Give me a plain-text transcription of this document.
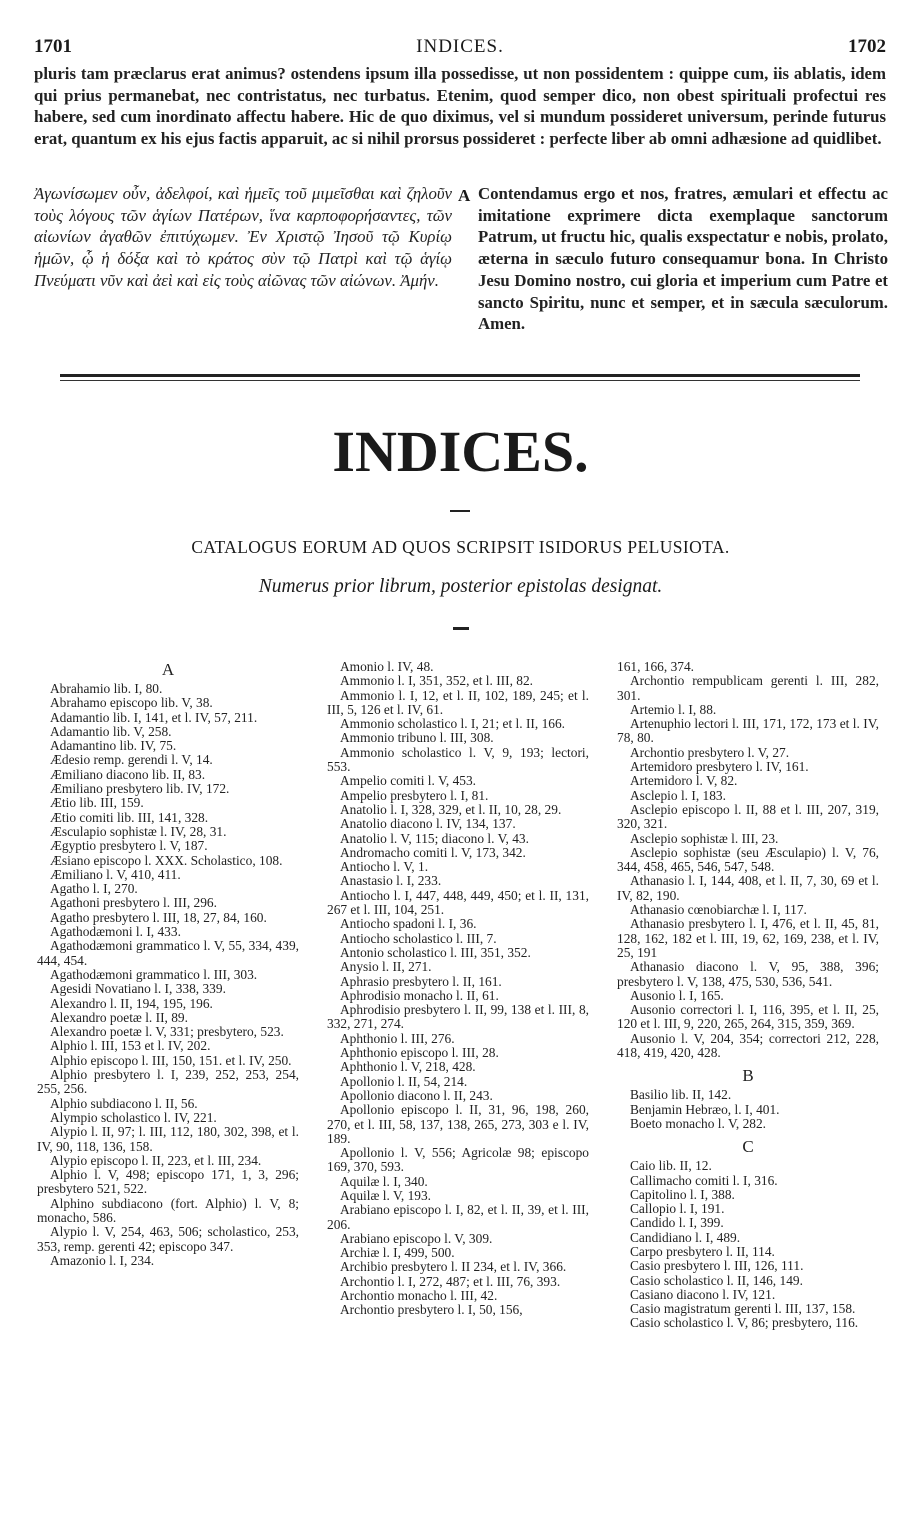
1701	INDICES.	1702
pluris tam præclarus erat animus? ostendens ipsum illa possedisse, ut non possidentem : quippe cum, iis ablatis, idem qui prius permanebat, nec contristatus, nec turbatus. Etenim, quod semper dico, non obest spirituali profectui res habere, sed cum inordinato affectu habere. Hic de quo diximus, vel si mundum possideret universum, perinde futurus erat, quantum ex his ejus factis apparuit, ac si nihil prorsus possideret : perfecte liber ab omni adhæsione ad quidlibet.
Ἀγωνίσωμεν οὖν, ἀδελφοί, καὶ ἡμεῖς τοῦ μιμεῖσθαι καὶ ζηλοῦν τοὺς λόγους τῶν ἁγίων Πατέρων, ἵνα καρποφορήσαντες, τῶν αἰωνίων ἀγαθῶν ἐπιτύχωμεν. Ἐν Χριστῷ Ἰησοῦ τῷ Κυρίῳ ἡμῶν, ᾧ ἡ δόξα καὶ τὸ κράτος σὺν τῷ Πατρὶ καὶ τῷ ἁγίῳ Πνεύματι νῦν καὶ ἀεὶ καὶ εἰς τοὺς αἰῶνας τῶν αἰώνων. Ἀμήν.
A Contendamus ergo et nos, fratres, æmulari et effectu ac imitatione exprimere dicta exemplaque sanctorum Patrum, ut fructu hic, qualis exspectatur e nobis, prolato, æterna in sæculo futuro consequamur bona. In Christo Jesu Domino nostro, cui gloria et imperium cum Patre et sancto Spiritu, nunc et semper, et in sæcula sæculorum. Amen.
INDICES.
CATALOGUS EORUM AD QUOS SCRIPSIT ISIDORUS PELUSIOTA.
Numerus prior librum, posterior epistolas designat.
A
Abrahamio lib. I, 80.
Abrahamo episcopo lib. V, 38.
Adamantio lib. I, 141, et l. IV, 57, 211.
Adamantio lib. V, 258.
Adamantino lib. IV, 75.
Ædesio remp. gerendi l. V, 14.
Æmiliano diacono lib. II, 83.
Æmiliano presbytero lib. IV, 172.
Ætio lib. III, 159.
Ætio comiti lib. III, 141, 328.
Æsculapio sophistæ l. IV, 28, 31.
Ægyptio presbytero l. V, 187.
Æsiano episcopo l. XXX. Scholastico, 108.
Æmiliano l. V, 410, 411.
Agatho l. I, 270.
Agathoni presbytero l. III, 296.
Agatho presbytero l. III, 18, 27, 84, 160.
Agathodæmoni l. I, 433.
Agathodæmoni grammatico l. V, 55, 334, 439, 444, 454.
Agathodæmoni grammatico l. III, 303.
Agesidi Novatiano l. I, 338, 339.
Alexandro l. II, 194, 195, 196.
Alexandro poetæ l. II, 89.
Alexandro poetæ l. V, 331; presbytero, 523.
Alphio l. III, 153 et l. IV, 202.
Alphio episcopo l. III, 150, 151. et l. IV, 250.
Alphio presbytero l. I, 239, 252, 253, 254, 255, 256.
Alphio subdiacono l. II, 56.
Alympio scholastico l. IV, 221.
Alypio l. II, 97; l. III, 112, 180, 302, 398, et l. IV, 90, 118, 136, 158.
Alypio episcopo l. II, 223, et l. III, 234.
Alphio l. V, 498; episcopo 171, 1, 3, 296; presbytero 521, 522.
Alphino subdiacono (fort. Alphio) l. V, 8; monacho, 586.
Alypio l. V, 254, 463, 506; scholastico, 253, 353, remp. gerenti 42; episcopo 347.
Amazonio l. I, 234.
Amonio l. IV, 48.
Ammonio l. I, 351, 352, et l. III, 82.
Ammonio l. I, 12, et l. II, 102, 189, 245; et l. III, 5, 126 et l. IV, 61.
Ammonio scholastico l. I, 21; et l. II, 166.
Ammonio tribuno l. III, 308.
Ammonio scholastico l. V, 9, 193; lectori, 553.
Ampelio comiti l. V, 453.
Ampelio presbytero l. I, 81.
Anatolio l. I, 328, 329, et l. II, 10, 28, 29.
Anatolio diacono l. IV, 134, 137.
Anatolio l. V, 115; diacono l. V, 43.
Andromacho comiti l. V, 173, 342.
Antiocho l. V, 1.
Anastasio l. I, 233.
Antiocho l. I, 447, 448, 449, 450; et l. II, 131, 267 et l. III, 104, 251.
Antiocho spadoni l. I, 36.
Antiocho scholastico l. III, 7.
Antonio scholastico l. III, 351, 352.
Anysio l. II, 271.
Aphrasio presbytero l. II, 161.
Aphrodisio monacho l. II, 61.
Aphrodisio presbytero l. II, 99, 138 et l. III, 8, 332, 271, 274.
Aphthonio l. III, 276.
Aphthonio episcopo l. III, 28.
Aphthonio l. V, 218, 428.
Apollonio l. II, 54, 214.
Apollonio diacono l. II, 243.
Apollonio episcopo l. II, 31, 96, 198, 260, 270, et l. III, 58, 137, 138, 265, 273, 303 e l. IV, 189.
Apollonio l. V, 556; Agricolæ 98; episcopo 169, 370, 593.
Aquilæ l. I, 340.
Aquilæ l. V, 193.
Arabiano episcopo l. I, 82, et l. II, 39, et l. III, 206.
Arabiano episcopo l. V, 309.
Archiæ l. I, 499, 500.
Archibio presbytero l. II 234, et l. IV, 366.
Archontio l. I, 272, 487; et l. III, 76, 393.
Archontio monacho l. III, 42.
Archontio presbytero l. I, 50, 156,
161, 166, 374.
Archontio rempublicam gerenti l. III, 282, 301.
Artemio l. I, 88.
Artenuphio lectori l. III, 171, 172, 173 et l. IV, 78, 80.
Archontio presbytero l. V, 27.
Artemidoro presbytero l. IV, 161.
Artemidoro l. V, 82.
Asclepio l. I, 183.
Asclepio episcopo l. II, 88 et l. III, 207, 319, 320, 321.
Asclepio sophistæ l. III, 23.
Asclepio sophistæ (seu Æsculapio) l. V, 76, 344, 458, 465, 546, 547, 548.
Athanasio l. I, 144, 408, et l. II, 7, 30, 69 et l. IV, 82, 190.
Athanasio cœnobiarchæ l. I, 117.
Athanasio presbytero l. I, 476, et l. II, 45, 81, 128, 162, 182 et l. III, 19, 62, 169, 238, et l. IV, 25, 191
Athanasio diacono l. V, 95, 388, 396; presbytero l. V, 138, 475, 530, 536, 541.
Ausonio l. I, 165.
Ausonio correctori l. I, 116, 395, et l. II, 25, 120 et l. III, 9, 220, 265, 264, 315, 359, 369.
Ausonio l. V, 204, 354; correctori 212, 228, 418, 419, 420, 428.
B
Basilio lib. II, 142.
Benjamin Hebræo, l. I, 401.
Boeto monacho l. V, 282.
C
Caio lib. II, 12.
Callimacho comiti l. I, 316.
Capitolino l. I, 388.
Callopio l. I, 191.
Candido l. I, 399.
Candidiano l. I, 489.
Carpo presbytero l. II, 114.
Casio presbytero l. III, 126, 111.
Casio scholastico l. II, 146, 149.
Casiano diacono l. IV, 121.
Casio magistratum gerenti l. III, 137, 158.
Casio scholastico l. V, 86; presbytero, 116.
